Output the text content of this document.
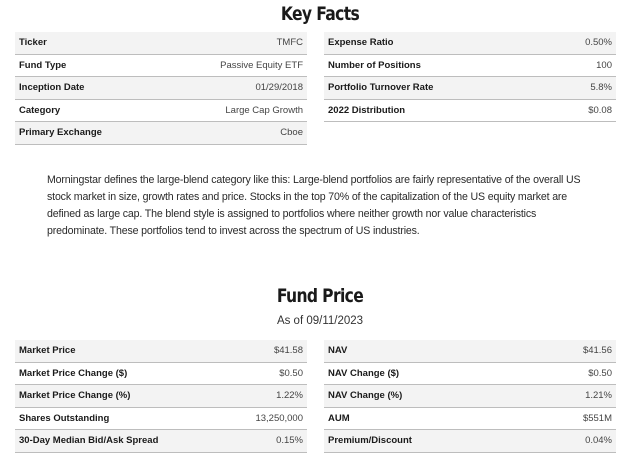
Key Facts
Ticker	TMFC
Fund Type	Passive Equity ETF
Inception Date	01/29/2018
Category	Large Cap Growth
Primary Exchange	Cboe
Expense Ratio	0.50%
Number of Positions	100
Portfolio Turnover Rate	5.8%
2022 Distribution	$0.08

Morningstar defines the large-blend category like this: Large-blend portfolios are fairly representative of the overall US stock market in size, growth rates and price. Stocks in the top 70% of the capitalization of the US equity market are defined as large cap. The blend style is assigned to portfolios where neither growth nor value characteristics predominate. These portfolios tend to invest across the spectrum of US industries.

Fund Price
As of 09/11/2023
Market Price	$41.58
Market Price Change ($)	$0.50
Market Price Change (%)	1.22%
Shares Outstanding	13,250,000
30-Day Median Bid/Ask Spread	0.15%
NAV	$41.56
NAV Change ($)	$0.50
NAV Change (%)	1.21%
AUM	$551M
Premium/Discount	0.04%
